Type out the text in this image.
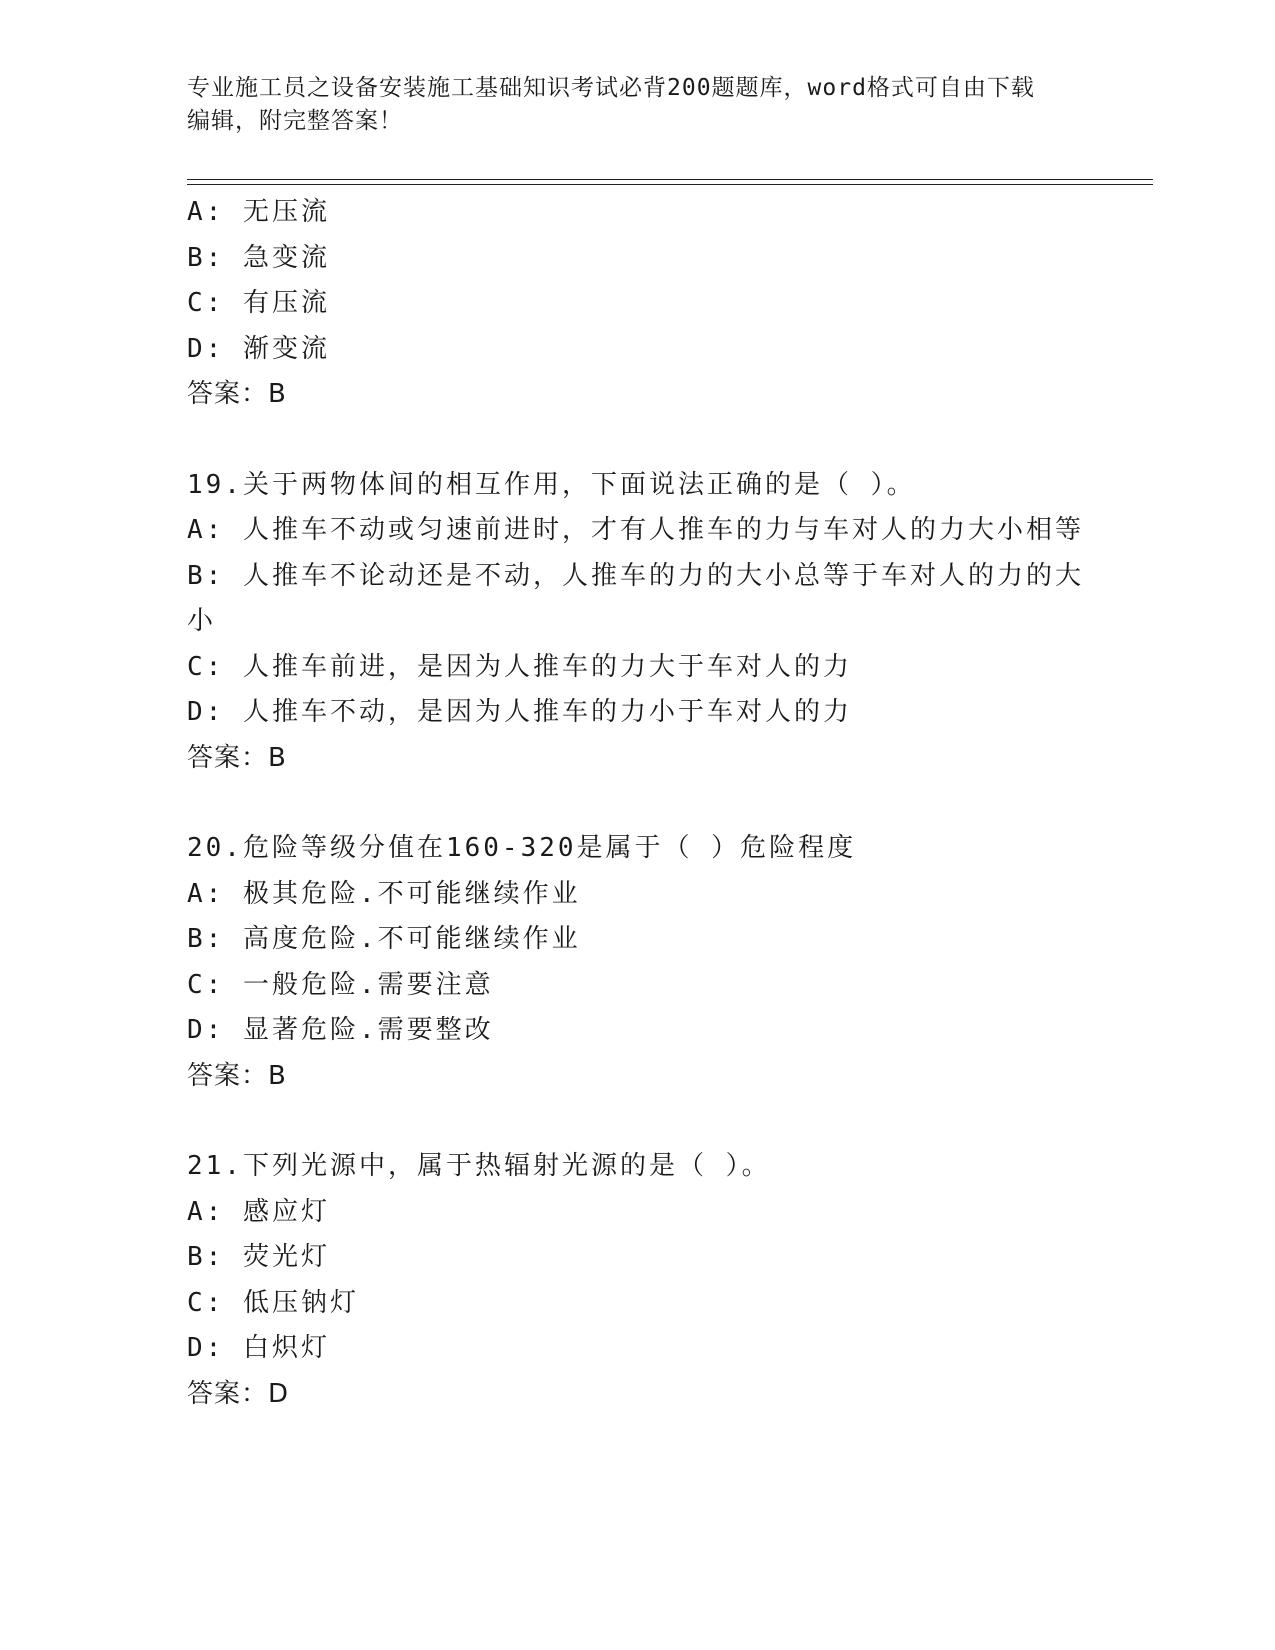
专业施工员之设备安装施工基础知识考试必背200题题库，word格式可自由下载
编辑，附完整答案！
A: 无压流
B: 急变流
C: 有压流
D: 渐变流
答案：B
19.关于两物体间的相互作用，下面说法正确的是（ ）。
A: 人推车不动或匀速前进时，才有人推车的力与车对人的力大小相等
B: 人推车不论动还是不动，人推车的力的大小总等于车对人的力的大
小
C: 人推车前进，是因为人推车的力大于车对人的力
D: 人推车不动，是因为人推车的力小于车对人的力
答案：B
20.危险等级分值在160-320是属于（ ）危险程度
A: 极其危险.不可能继续作业
B: 高度危险.不可能继续作业
C: 一般危险.需要注意
D: 显著危险.需要整改
答案：B
21.下列光源中，属于热辐射光源的是（ ）。
A: 感应灯
B: 荧光灯
C: 低压钠灯
D: 白炽灯
答案：D
